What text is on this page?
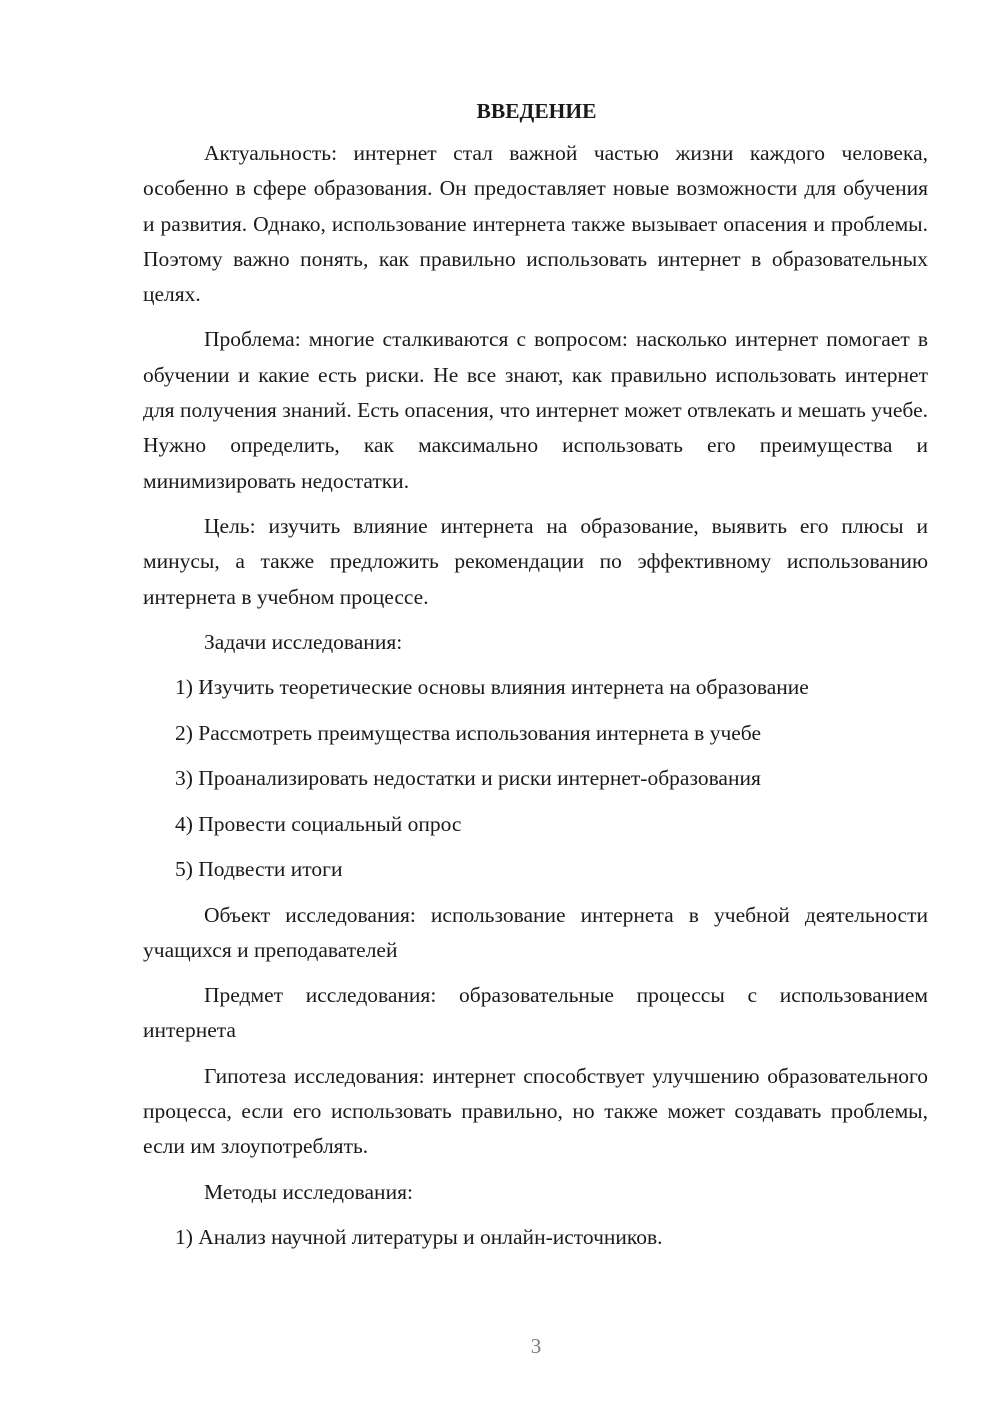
ВВЕДЕНИЕ

Актуальность: интернет стал важной частью жизни каждого человека, особенно в сфере образования. Он предоставляет новые возможности для обучения и развития. Однако, использование интернета также вызывает опасения и проблемы. Поэтому важно понять, как правильно использовать интернет в образовательных целях.

Проблема: многие сталкиваются с вопросом: насколько интернет помогает в обучении и какие есть риски. Не все знают, как правильно использовать интернет для получения знаний. Есть опасения, что интернет может отвлекать и мешать учебе. Нужно определить, как максимально использовать его преимущества и минимизировать недостатки.

Цель: изучить влияние интернета на образование, выявить его плюсы и минусы, а также предложить рекомендации по эффективному использованию интернета в учебном процессе.

Задачи исследования:

1) Изучить теоретические основы влияния интернета на образование
2) Рассмотреть преимущества использования интернета в учебе
3) Проанализировать недостатки и риски интернет-образования
4) Провести социальный опрос
5) Подвести итоги

Объект исследования: использование интернета в учебной деятельности учащихся и преподавателей

Предмет исследования: образовательные процессы с использованием интернета

Гипотеза исследования: интернет способствует улучшению образовательного процесса, если его использовать правильно, но также может создавать проблемы, если им злоупотреблять.

Методы исследования:

1) Анализ научной литературы и онлайн-источников.
3
